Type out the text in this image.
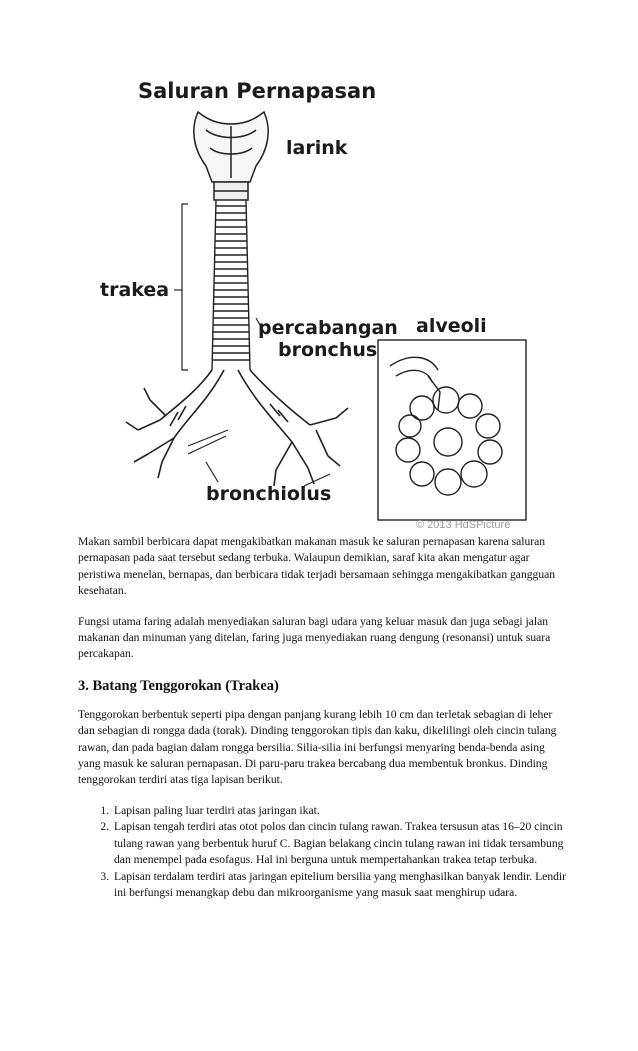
Saluran Pernapasan
larink
trakea
percabangan
bronchus
alveoli
bronchiolus
© 2013 HdSPicture

Makan sambil berbicara dapat mengakibatkan makanan masuk ke saluran pernapasan karena saluran pernapasan pada saat tersebut sedang terbuka. Walaupun demikian, saraf kita akan mengatur agar peristiwa menelan, bernapas, dan berbicara tidak terjadi bersamaan sehingga mengakibatkan gangguan kesehatan.

Fungsi utama faring adalah menyediakan saluran bagi udara yang keluar masuk dan juga sebagi jalan makanan dan minuman yang ditelan, faring juga menyediakan ruang dengung (resonansi) untuk suara percakapan.

3. Batang Tenggorokan (Trakea)

Tenggorokan berbentuk seperti pipa dengan panjang kurang lebih 10 cm dan terletak sebagian di leher dan sebagian di rongga dada (torak). Dinding tenggorokan tipis dan kaku, dikelilingi oleh cincin tulang rawan, dan pada bagian dalam rongga bersilia. Silia-silia ini berfungsi menyaring benda-benda asing yang masuk ke saluran pernapasan. Di paru-paru trakea bercabang dua membentuk bronkus. Dinding tenggorokan terdiri atas tiga lapisan berikut.

1. Lapisan paling luar terdiri atas jaringan ikat.
2. Lapisan tengah terdiri atas otot polos dan cincin tulang rawan. Trakea tersusun atas 16–20 cincin tulang rawan yang berbentuk huruf C. Bagian belakang cincin tulang rawan ini tidak tersambung dan menempel pada esofagus. Hal ini berguna untuk mempertahankan trakea tetap terbuka.
3. Lapisan terdalam terdiri atas jaringan epitelium bersilia yang menghasilkan banyak lendir. Lendir ini berfungsi menangkap debu dan mikroorganisme yang masuk saat menghirup udara.
